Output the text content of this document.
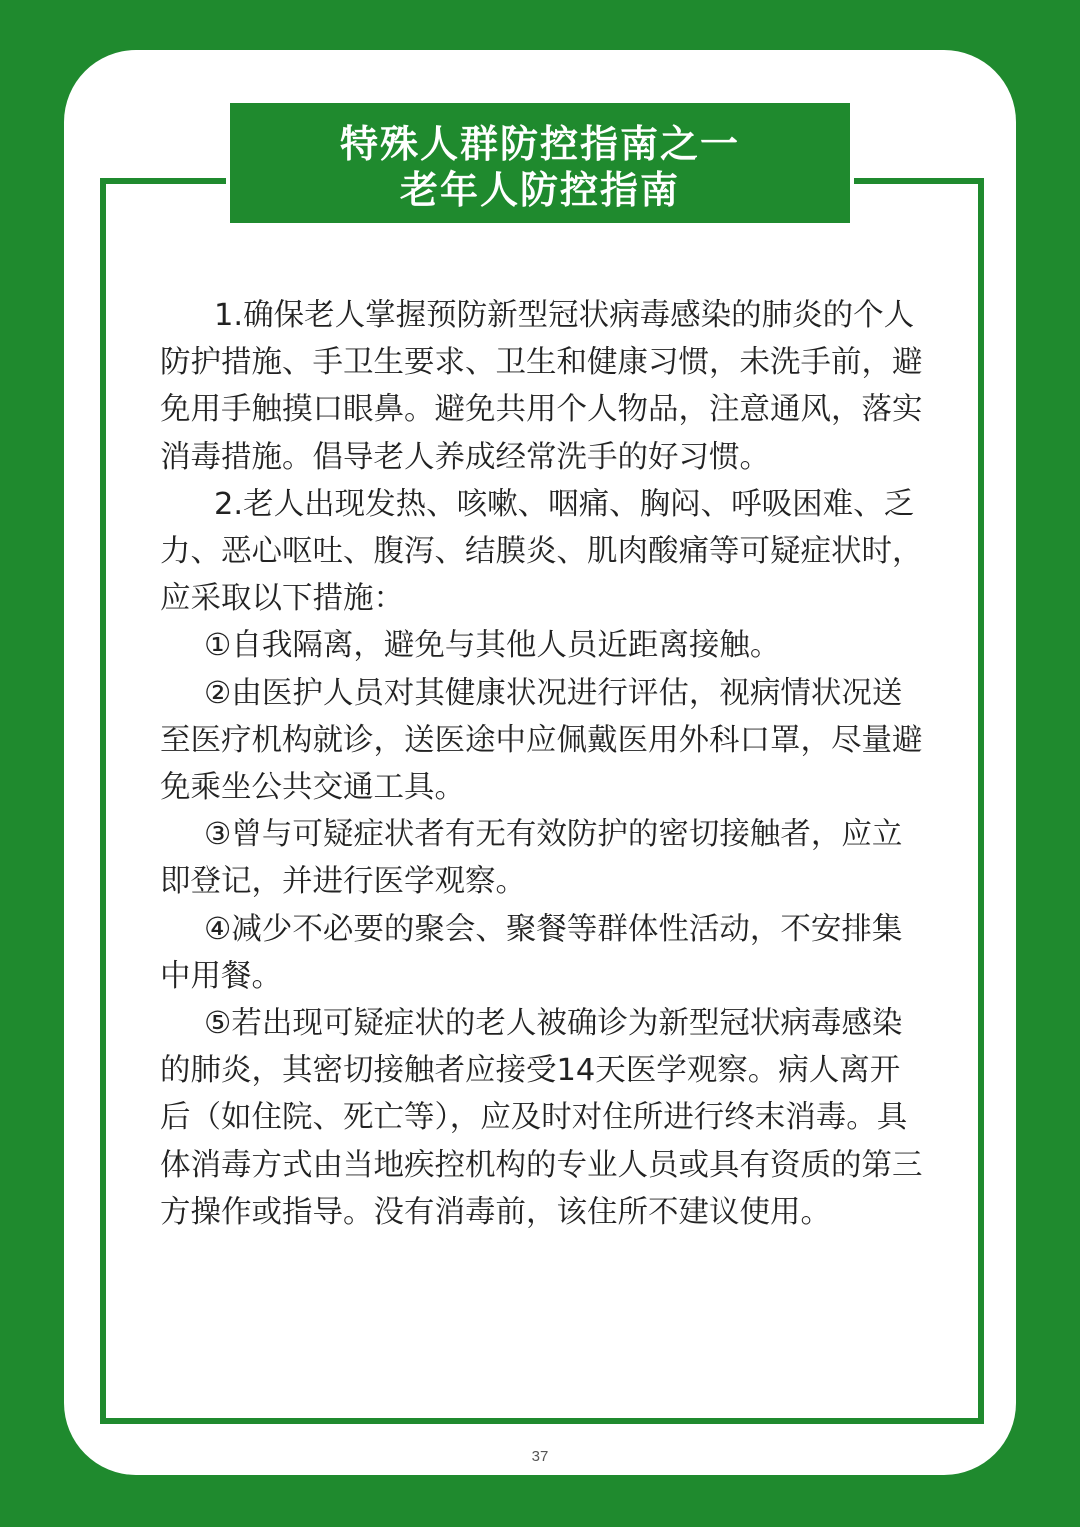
特殊人群防控指南之一
老年人防控指南

1.确保老人掌握预防新型冠状病毒感染的肺炎的个人防护措施、手卫生要求、卫生和健康习惯，未洗手前，避免用手触摸口眼鼻。避免共用个人物品，注意通风，落实消毒措施。倡导老人养成经常洗手的好习惯。

2.老人出现发热、咳嗽、咽痛、胸闷、呼吸困难、乏力、恶心呕吐、腹泻、结膜炎、肌肉酸痛等可疑症状时，应采取以下措施：

①自我隔离，避免与其他人员近距离接触。

②由医护人员对其健康状况进行评估，视病情状况送至医疗机构就诊，送医途中应佩戴医用外科口罩，尽量避免乘坐公共交通工具。

③曾与可疑症状者有无有效防护的密切接触者，应立即登记，并进行医学观察。

④减少不必要的聚会、聚餐等群体性活动，不安排集中用餐。

⑤若出现可疑症状的老人被确诊为新型冠状病毒感染的肺炎，其密切接触者应接受14天医学观察。病人离开后（如住院、死亡等），应及时对住所进行终末消毒。具体消毒方式由当地疾控机构的专业人员或具有资质的第三方操作或指导。没有消毒前，该住所不建议使用。

37
